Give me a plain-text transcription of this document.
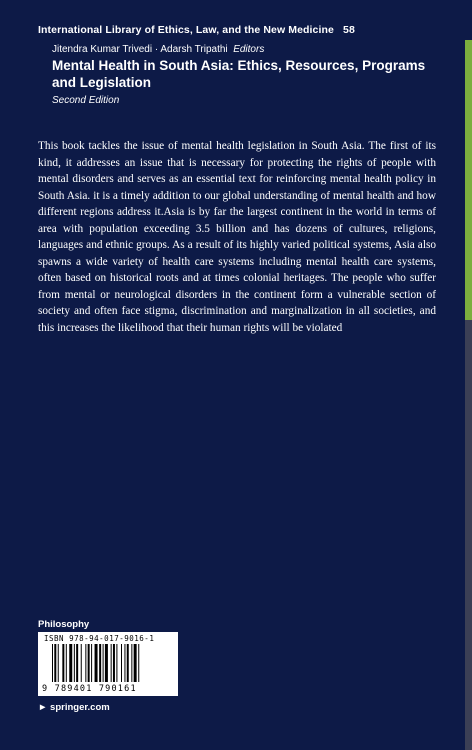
International Library of Ethics, Law, and the New Medicine 58
Jitendra Kumar Trivedi · Adarsh Tripathi Editors
Mental Health in South Asia: Ethics, Resources, Programs and Legislation
Second Edition
This book tackles the issue of mental health legislation in South Asia. The first of its kind, it addresses an issue that is necessary for protecting the rights of people with mental disorders and serves as an essential text for reinforcing mental health policy in South Asia. it is a timely addition to our global understanding of mental health and how different regions address it.Asia is by far the largest continent in the world in terms of area with population exceeding 3.5 billion and has dozens of cultures, religions, languages and ethnic groups. As a result of its highly varied political systems, Asia also spawns a wide variety of health care systems including mental health care systems, often based on historical roots and at times colonial heritages. The people who suffer from mental or neurological disorders in the continent form a vulnerable section of society and often face stigma, discrimination and marginalization in all societies, and this increases the likelihood that their human rights will be violated
Philosophy
ISBN 978-94-017-9016-1
9 789401 790161
► springer.com
